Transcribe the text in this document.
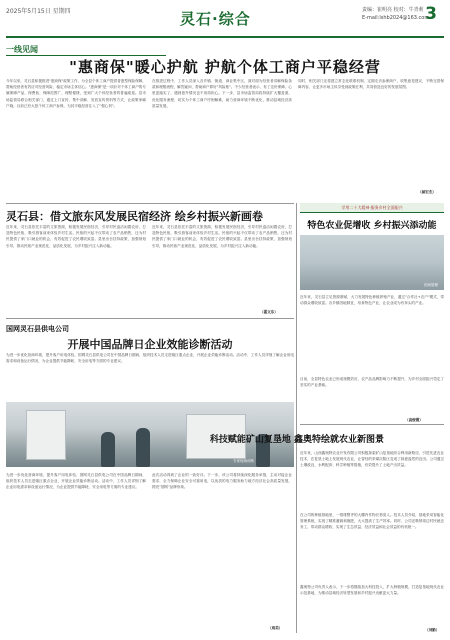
2025年5月15日 星期四	灵石·综合	责编：崔明亮 校对：牛青莉
E-mail:lshb2024@163.com
3
一线见闻
"惠商保"暖心护航 护航个体工商户平稳经营
今年以来，灵石县积极推进"惠商保"政策工作，为全县个体工商户提供普惠型保险保障，帮助经营者有效应对经营风险，稳定市场主体信心。"惠商保"是一项针对个体工商户的专属保障产品，保费低、保障范围广、理赔便捷，受到广大个体经营者的普遍欢迎。县市场监管局联合相关部门，通过上门宣传、集中讲解、发放宣传资料等方式，让政策家喻户晓。目前已有大批个体工商户参保，为其平稳经营注入了"强心剂"。
在推进过程中，工作人员深入各乡镇、街道、商业集中区，面对面为经营者讲解保险条款和理赔流程，解答疑问，帮助商户算好"风险账"。不少经营者表示，有了这份保障，心里更踏实了，遇到意外情况也不用再担心。下一步，县市场监管局将持续扩大覆盖面，优化服务流程，切实为个体工商户纾困解难，助力营商环境不断优化，推动县域经济高质量发展。
同时，相关部门还将建立常态化联系机制，定期走访参保商户，收集意见建议，不断完善保障内容，让更多市场主体享受到政策红利，共同营造良好的发展氛围。
（郝宏杰）
灵石县：借文旅东风发展民宿经济 绘乡村振兴新画卷
近年来，灵石县依托丰富的文旅资源，积极发展民宿经济，引导村民盘活闲置农房，打造特色民宿，吸引游客前来体验乡村生活。民宿的兴起不仅带动了农产品销售，还为村民提供了家门口就业的机会，有效促进了农民增收致富。县里出台扶持政策，加强规划引导，推动民宿产业规范化、品质化发展，为乡村振兴注入新动能。
近年来，灵石县依托丰富的文旅资源，积极发展民宿经济，引导村民盘活闲置农房，打造特色民宿，吸引游客前来体验乡村生活。民宿的兴起不仅带动了农产品销售，还为村民提供了家门口就业的机会，有效促进了农民增收致富。县里出台扶持政策，加强规划引导，推动民宿产业规范化、品质化发展，为乡村振兴注入新动能。
（霍文东）
国网灵石县供电公司
开展中国品牌日企业效能诊断活动
为进一步优化营商环境，提升客户用电体验，国网灵石县供电公司在中国品牌日期间，组织技术人员走进辖区重点企业，开展企业效能诊断活动。活动中，工作人员详细了解企业用电需求和设备运行情况，为企业提供节能降耗、安全用电等方面的专业建议。
专家现场诊断
为进一步优化营商环境，提升客户用电体验，国网灵石县供电公司在中国品牌日期间，组织技术人员走进辖区重点企业，开展企业效能诊断活动。活动中，工作人员详细了解企业用电需求和设备运行情况，为企业提供节能降耗、安全用电等方面的专业建议。
此次活动得到了企业的一致好评。下一步，该公司将持续深化服务举措，主动对接企业需求，全力保障企业安全可靠用电，以优质的电力服务助力地方经济社会高质量发展，擦亮"国网"品牌形象。
（周美）
学用二十大精神·服务乡村全面振兴
特色农业促增收 乡村振兴添动能
田间管理
近年来，灵石县立足资源禀赋，大力发展特色种植养殖产业，通过"合作社+农户"模式，带动群众增收致富。各乡镇因地制宜，培育特色产业，让农业成为有奔头的产业。
目前，全县特色农业已形成规模效应，农产品品牌影响力不断提升，为乡村全面振兴奠定了坚实的产业基础。
（高俊霞）
科技赋能矿山复垦地 鑫奥特绘就农业新图景
近年来，山西鑫奥特农业开发有限公司积极探索矿山复垦地综合利用新路径，引进先进农业技术，在复垦土地上发展现代农业，让曾经的采煤沉陷区变成了绿意盎然的良田。公司通过土壤改良、水利配套、科学种植等措施，有效提升了土地产出效益。
在公司的种植基地里，一排排整齐的大棚内作物长势喜人。技术人员介绍，基地采用智能化管理系统，实现了精准灌溉和施肥，大大提高了生产效率。同时，公司还吸纳周边村民就近务工，带动群众增收，实现了生态效益、经济效益和社会效益的有机统一。
鑫奥特公司负责人表示，下一步将继续加大科技投入，扩大种植规模，打造复垦地现代农业示范基地，为推动县域经济转型发展和乡村振兴贡献更大力量。
（刘勤）
